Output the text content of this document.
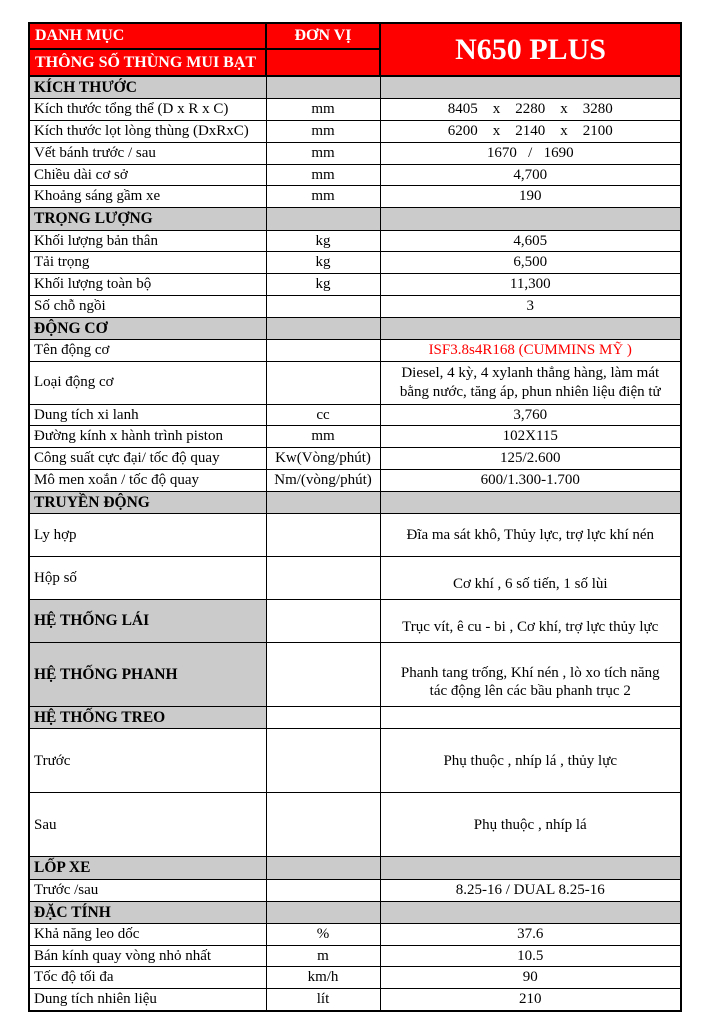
DANH MỤC	ĐƠN VỊ	N650 PLUS
THÔNG SỐ THÙNG MUI BẠT		
KÍCH THƯỚC		
Kích thước tổng thể (D x R x C)	mm	8405    x    2280    x    3280
Kích thước lọt lòng thùng (DxRxC)	mm	6200    x    2140    x    2100
Vết bánh trước / sau	mm	1670   /   1690
Chiều dài cơ sở	mm	4,700
Khoảng sáng gầm xe	mm	190
TRỌNG LƯỢNG		
Khối lượng bản thân	kg	4,605
Tải trọng	kg	6,500
Khối lượng toàn bộ	kg	11,300
Số chỗ ngồi		3
ĐỘNG CƠ		
Tên động cơ		ISF3.8s4R168 (CUMMINS MỸ )
Loại động cơ		Diesel, 4 kỳ, 4 xylanh thẳng hàng, làm mát bằng nước, tăng áp, phun nhiên liệu điện tử
Dung tích xi lanh	cc	3,760
Đường kính x hành trình piston	mm	102X115
Công suất cực đại/ tốc độ quay	Kw(Vòng/phút)	125/2.600
Mô men xoắn / tốc độ quay	Nm/(vòng/phút)	600/1.300-1.700
TRUYỀN ĐỘNG		
Ly hợp		Đĩa ma sát khô, Thủy lực, trợ lực khí nén
Hộp số		Cơ khí , 6 số tiến, 1 số lùi
HỆ THỐNG LÁI		Trục vít, ê cu - bi , Cơ khí, trợ lực thủy lực
HỆ THỐNG PHANH		Phanh tang trống, Khí nén , lò xo tích năng tác động lên các bầu phanh trục 2
HỆ THỐNG TREO		
Trước		Phụ thuộc , nhíp lá , thủy lực
Sau		Phụ thuộc , nhíp lá
LỐP XE		
Trước /sau		8.25-16 / DUAL 8.25-16
ĐẶC TÍNH		
Khả năng leo dốc	%	37.6
Bán kính quay vòng nhỏ nhất	m	10.5
Tốc độ tối đa	km/h	90
Dung tích nhiên liệu	lít	210
